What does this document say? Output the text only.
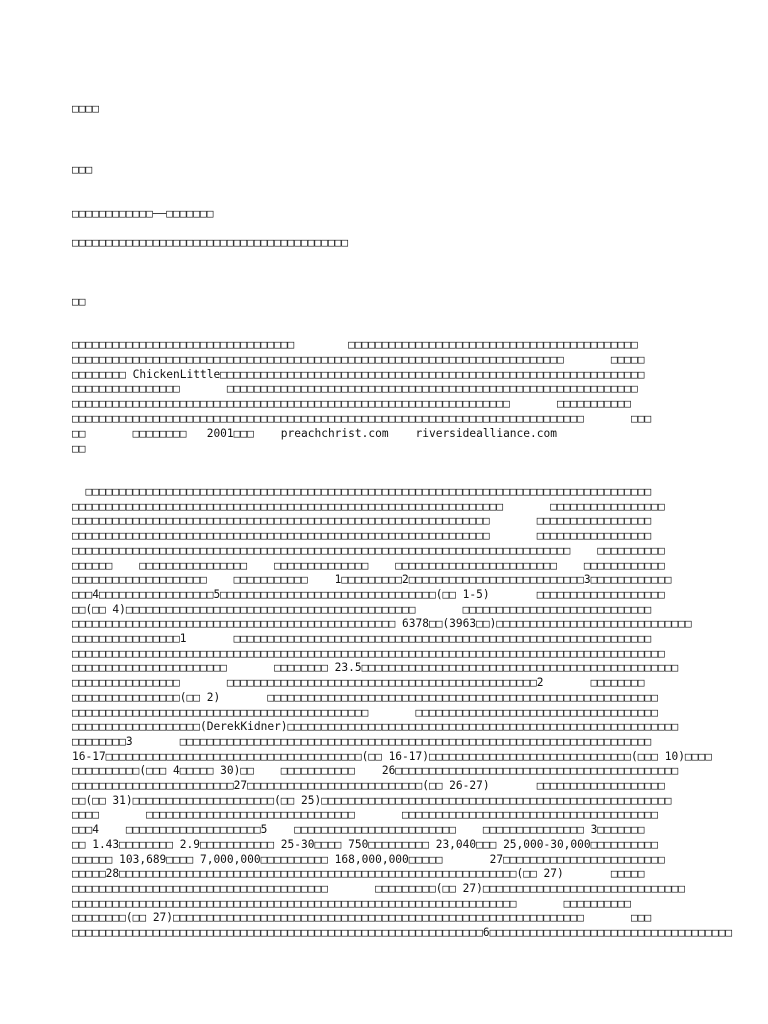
□□□□
□□□
□□□□□□□□□□□□——□□□□□□□
□□□□□□□□□□□□□□□□□□□□□□□□□□□□□□□□□□□□□□□□□
□□
□□□□□□□□□□□□□□□□□□□□□□□□□□□□□□□□□        □□□□□□□□□□□□□□□□□□□□□□□□□□□□□□□□□□□□□□□□□□□
□□□□□□□□□□□□□□□□□□□□□□□□□□□□□□□□□□□□□□□□□□□□□□□□□□□□□□□□□□□□□□□□□□□□□□□□□       □□□□□
□□□□□□□□ ChickenLittle□□□□□□□□□□□□□□□□□□□□□□□□□□□□□□□□□□□□□□□□□□□□□□□□□□□□□□□□□□□□□□□
□□□□□□□□□□□□□□□□       □□□□□□□□□□□□□□□□□□□□□□□□□□□□□□□□□□□□□□□□□□□□□□□□□□□□□□□□□□□□□
□□□□□□□□□□□□□□□□□□□□□□□□□□□□□□□□□□□□□□□□□□□□□□□□□□□□□□□□□□□□□□□□□       □□□□□□□□□□□
□□□□□□□□□□□□□□□□□□□□□□□□□□□□□□□□□□□□□□□□□□□□□□□□□□□□□□□□□□□□□□□□□□□□□□□□□□□□       □□□
□□       □□□□□□□□   2001□□□    preachchrist.com    riversidealliance.com
□□
□□□□□□□□□□□□□□□□□□□□□□□□□□□□□□□□□□□□□□□□□□□□□□□□□□□□□□□□□□□□□□□□□□□□□□□□□□□□□□□□□□□□
□□□□□□□□□□□□□□□□□□□□□□□□□□□□□□□□□□□□□□□□□□□□□□□□□□□□□□□□□□□□□□□□       □□□□□□□□□□□□□□□□□
□□□□□□□□□□□□□□□□□□□□□□□□□□□□□□□□□□□□□□□□□□□□□□□□□□□□□□□□□□□□□□       □□□□□□□□□□□□□□□□□
□□□□□□□□□□□□□□□□□□□□□□□□□□□□□□□□□□□□□□□□□□□□□□□□□□□□□□□□□□□□□□       □□□□□□□□□□□□□□□□□
□□□□□□□□□□□□□□□□□□□□□□□□□□□□□□□□□□□□□□□□□□□□□□□□□□□□□□□□□□□□□□□□□□□□□□□□□□    □□□□□□□□□□
□□□□□□    □□□□□□□□□□□□□□□□    □□□□□□□□□□□□□□    □□□□□□□□□□□□□□□□□□□□□□□□    □□□□□□□□□□□□
□□□□□□□□□□□□□□□□□□□□    □□□□□□□□□□□    1□□□□□□□□□2□□□□□□□□□□□□□□□□□□□□□□□□□□3□□□□□□□□□□□□
□□□4□□□□□□□□□□□□□□□□□5□□□□□□□□□□□□□□□□□□□□□□□□□□□□□□□□(□□ 1-5)       □□□□□□□□□□□□□□□□□□□
□□(□□ 4)□□□□□□□□□□□□□□□□□□□□□□□□□□□□□□□□□□□□□□□□□□□       □□□□□□□□□□□□□□□□□□□□□□□□□□□□
□□□□□□□□□□□□□□□□□□□□□□□□□□□□□□□□□□□□□□□□□□□□□□□□ 6378□□(3963□□)□□□□□□□□□□□□□□□□□□□□□□□□□□□□□
□□□□□□□□□□□□□□□□1       □□□□□□□□□□□□□□□□□□□□□□□□□□□□□□□□□□□□□□□□□□□□□□□□□□□□□□□□□□□□□□
□□□□□□□□□□□□□□□□□□□□□□□□□□□□□□□□□□□□□□□□□□□□□□□□□□□□□□□□□□□□□□□□□□□□□□□□□□□□□□□□□□□□□□□□
□□□□□□□□□□□□□□□□□□□□□□□       □□□□□□□□ 23.5□□□□□□□□□□□□□□□□□□□□□□□□□□□□□□□□□□□□□□□□□□□□□□□
□□□□□□□□□□□□□□□□       □□□□□□□□□□□□□□□□□□□□□□□□□□□□□□□□□□□□□□□□□□□□□□2       □□□□□□□□
□□□□□□□□□□□□□□□□(□□ 2)       □□□□□□□□□□□□□□□□□□□□□□□□□□□□□□□□□□□□□□□□□□□□□□□□□□□□□□□□□□
□□□□□□□□□□□□□□□□□□□□□□□□□□□□□□□□□□□□□□□□□□□□       □□□□□□□□□□□□□□□□□□□□□□□□□□□□□□□□□□□□
□□□□□□□□□□□□□□□□□□□(DerekKidner)□□□□□□□□□□□□□□□□□□□□□□□□□□□□□□□□□□□□□□□□□□□□□□□□□□□□□□□□□□
□□□□□□□□3       □□□□□□□□□□□□□□□□□□□□□□□□□□□□□□□□□□□□□□□□□□□□□□□□□□□□□□□□□□□□□□□□□□□□□□
16-17□□□□□□□□□□□□□□□□□□□□□□□□□□□□□□□□□□□□□□(□□ 16-17)□□□□□□□□□□□□□□□□□□□□□□□□□□□□□□(□□□ 10)□□□□
□□□□□□□□□□(□□□ 4□□□□□ 30)□□    □□□□□□□□□□□    26□□□□□□□□□□□□□□□□□□□□□□□□□□□□□□□□□□□□□□□□□□
□□□□□□□□□□□□□□□□□□□□□□□□27□□□□□□□□□□□□□□□□□□□□□□□□□□(□□ 26-27)       □□□□□□□□□□□□□□□□□□□
□□(□□ 31)□□□□□□□□□□□□□□□□□□□□□(□□ 25)□□□□□□□□□□□□□□□□□□□□□□□□□□□□□□□□□□□□□□□□□□□□□□□□□□□□
□□□□       □□□□□□□□□□□□□□□□□□□□□□□□□□□□□□□       □□□□□□□□□□□□□□□□□□□□□□□□□□□□□□□□□□□□□□
□□□4    □□□□□□□□□□□□□□□□□□□□5    □□□□□□□□□□□□□□□□□□□□□□□□    □□□□□□□□□□□□□□□ 3□□□□□□□
□□ 1.43□□□□□□□□ 2.9□□□□□□□□□□□ 25-30□□□□ 750□□□□□□□□□ 23,040□□□ 25,000-30,000□□□□□□□□□□
□□□□□□ 103,689□□□□ 7,000,000□□□□□□□□□□ 168,000,000□□□□□       27□□□□□□□□□□□□□□□□□□□□□□□□
□□□□□28□□□□□□□□□□□□□□□□□□□□□□□□□□□□□□□□□□□□□□□□□□□□□□□□□□□□□□□□□□□(□□ 27)       □□□□□
□□□□□□□□□□□□□□□□□□□□□□□□□□□□□□□□□□□□□□       □□□□□□□□□(□□ 27)□□□□□□□□□□□□□□□□□□□□□□□□□□□□□□
□□□□□□□□□□□□□□□□□□□□□□□□□□□□□□□□□□□□□□□□□□□□□□□□□□□□□□□□□□□□□□□□□□       □□□□□□□□□□
□□□□□□□□(□□ 27)□□□□□□□□□□□□□□□□□□□□□□□□□□□□□□□□□□□□□□□□□□□□□□□□□□□□□□□□□□□□□       □□□
□□□□□□□□□□□□□□□□□□□□□□□□□□□□□□□□□□□□□□□□□□□□□□□□□□□□□□□□□□□□□6□□□□□□□□□□□□□□□□□□□□□□□□□□□□□□□□□□□□
